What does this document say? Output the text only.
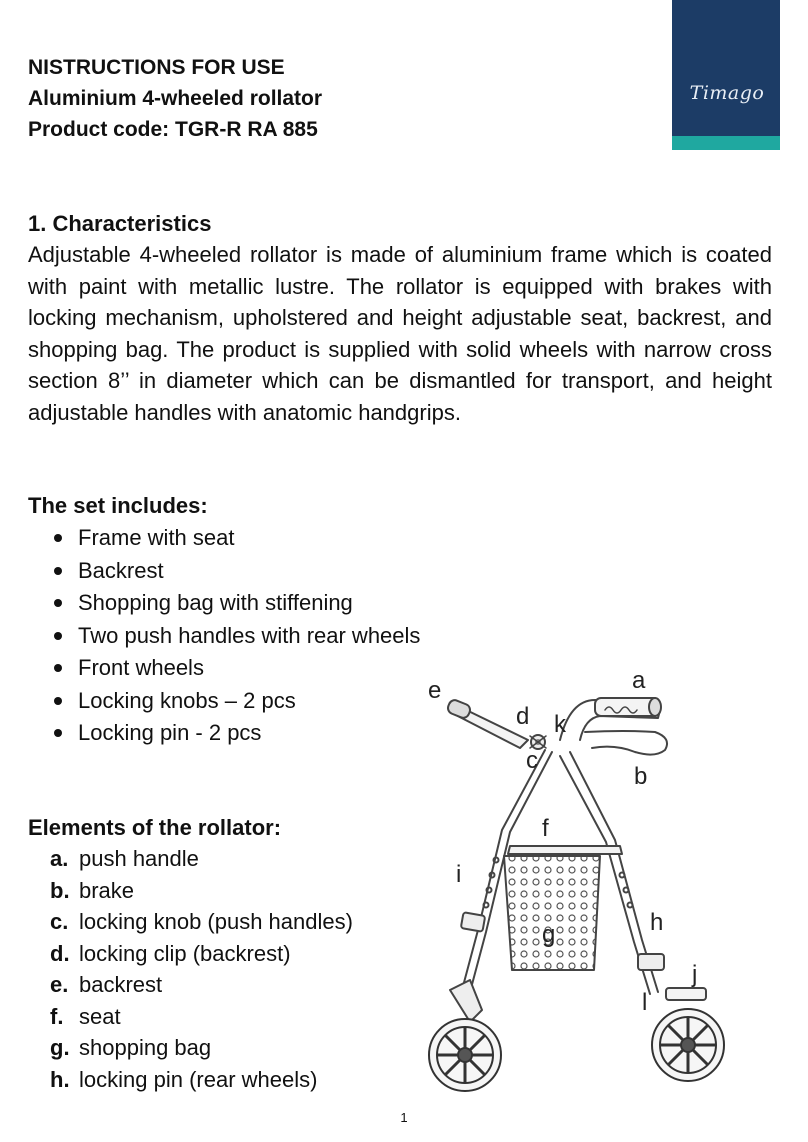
Timago
NISTRUCTIONS FOR USE
Aluminium 4-wheeled rollator
Product code: TGR-R RA 885
1. Characteristics
Adjustable 4-wheeled rollator is made of aluminium frame which is coated with paint with metallic lustre. The rollator is equipped with brakes with locking mechanism, upholstered and height adjustable seat, backrest, and shopping bag. The product is supplied with solid wheels with narrow cross section 8’’ in diameter which can be dismantled for transport, and height adjustable handles with anatomic handgrips.
The set includes:
Frame with seat
Backrest
Shopping bag with stiffening
Two push handles with rear wheels
Front wheels
Locking knobs – 2 pcs
Locking pin - 2 pcs
Elements of the rollator:
a. push handle
b. brake
c. locking knob (push handles)
d. locking clip (backrest)
e. backrest
f. seat
g. shopping bag
h. locking pin (rear wheels)
a
b
c
d
e
f
g	h
i
j
k
l
1
